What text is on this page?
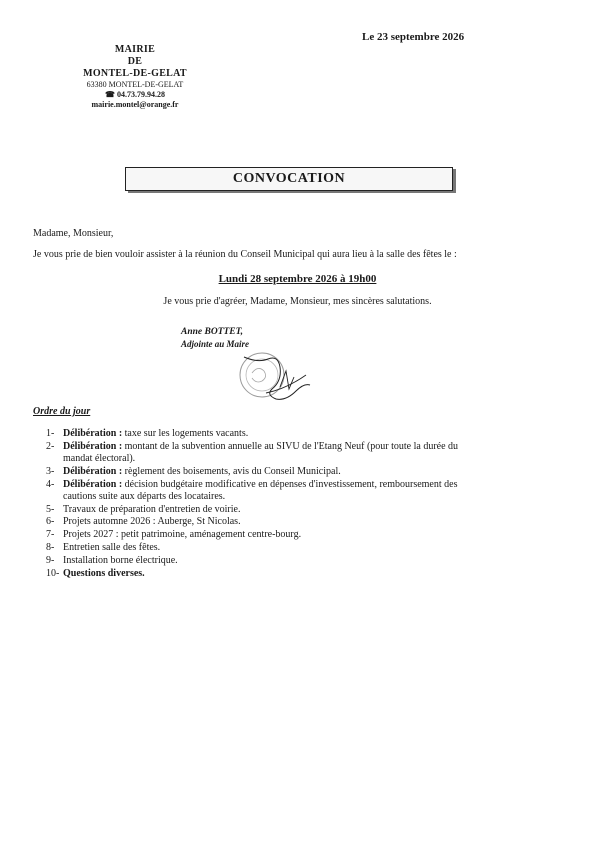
Le 23 septembre 2026
MAIRIE
DE
MONTEL-DE-GELAT
63380 MONTEL-DE-GELAT
☎ 04.73.79.94.28
mairie.montel@orange.fr
CONVOCATION
Madame, Monsieur,
Je vous prie de bien vouloir assister à la réunion du Conseil Municipal qui aura lieu à la salle des fêtes le :
Lundi 28 septembre 2026 à 19h00
Je vous prie d'agréer, Madame, Monsieur, mes sincères salutations.
Anne BOTTET,
Adjointe au Maire
Ordre du jour
1- Délibération : taxe sur les logements vacants.
2- Délibération : montant de la subvention annuelle au SIVU de l'Etang Neuf (pour toute la durée du mandat électoral).
3- Délibération : règlement des boisements, avis du Conseil Municipal.
4- Délibération : décision budgétaire modificative en dépenses d'investissement, remboursement des cautions suite aux départs des locataires.
5- Travaux de préparation d'entretien de voirie.
6- Projets automne 2026 : Auberge, St Nicolas.
7- Projets 2027 : petit patrimoine, aménagement centre-bourg.
8- Entretien salle des fêtes.
9- Installation borne électrique.
10- Questions diverses.
